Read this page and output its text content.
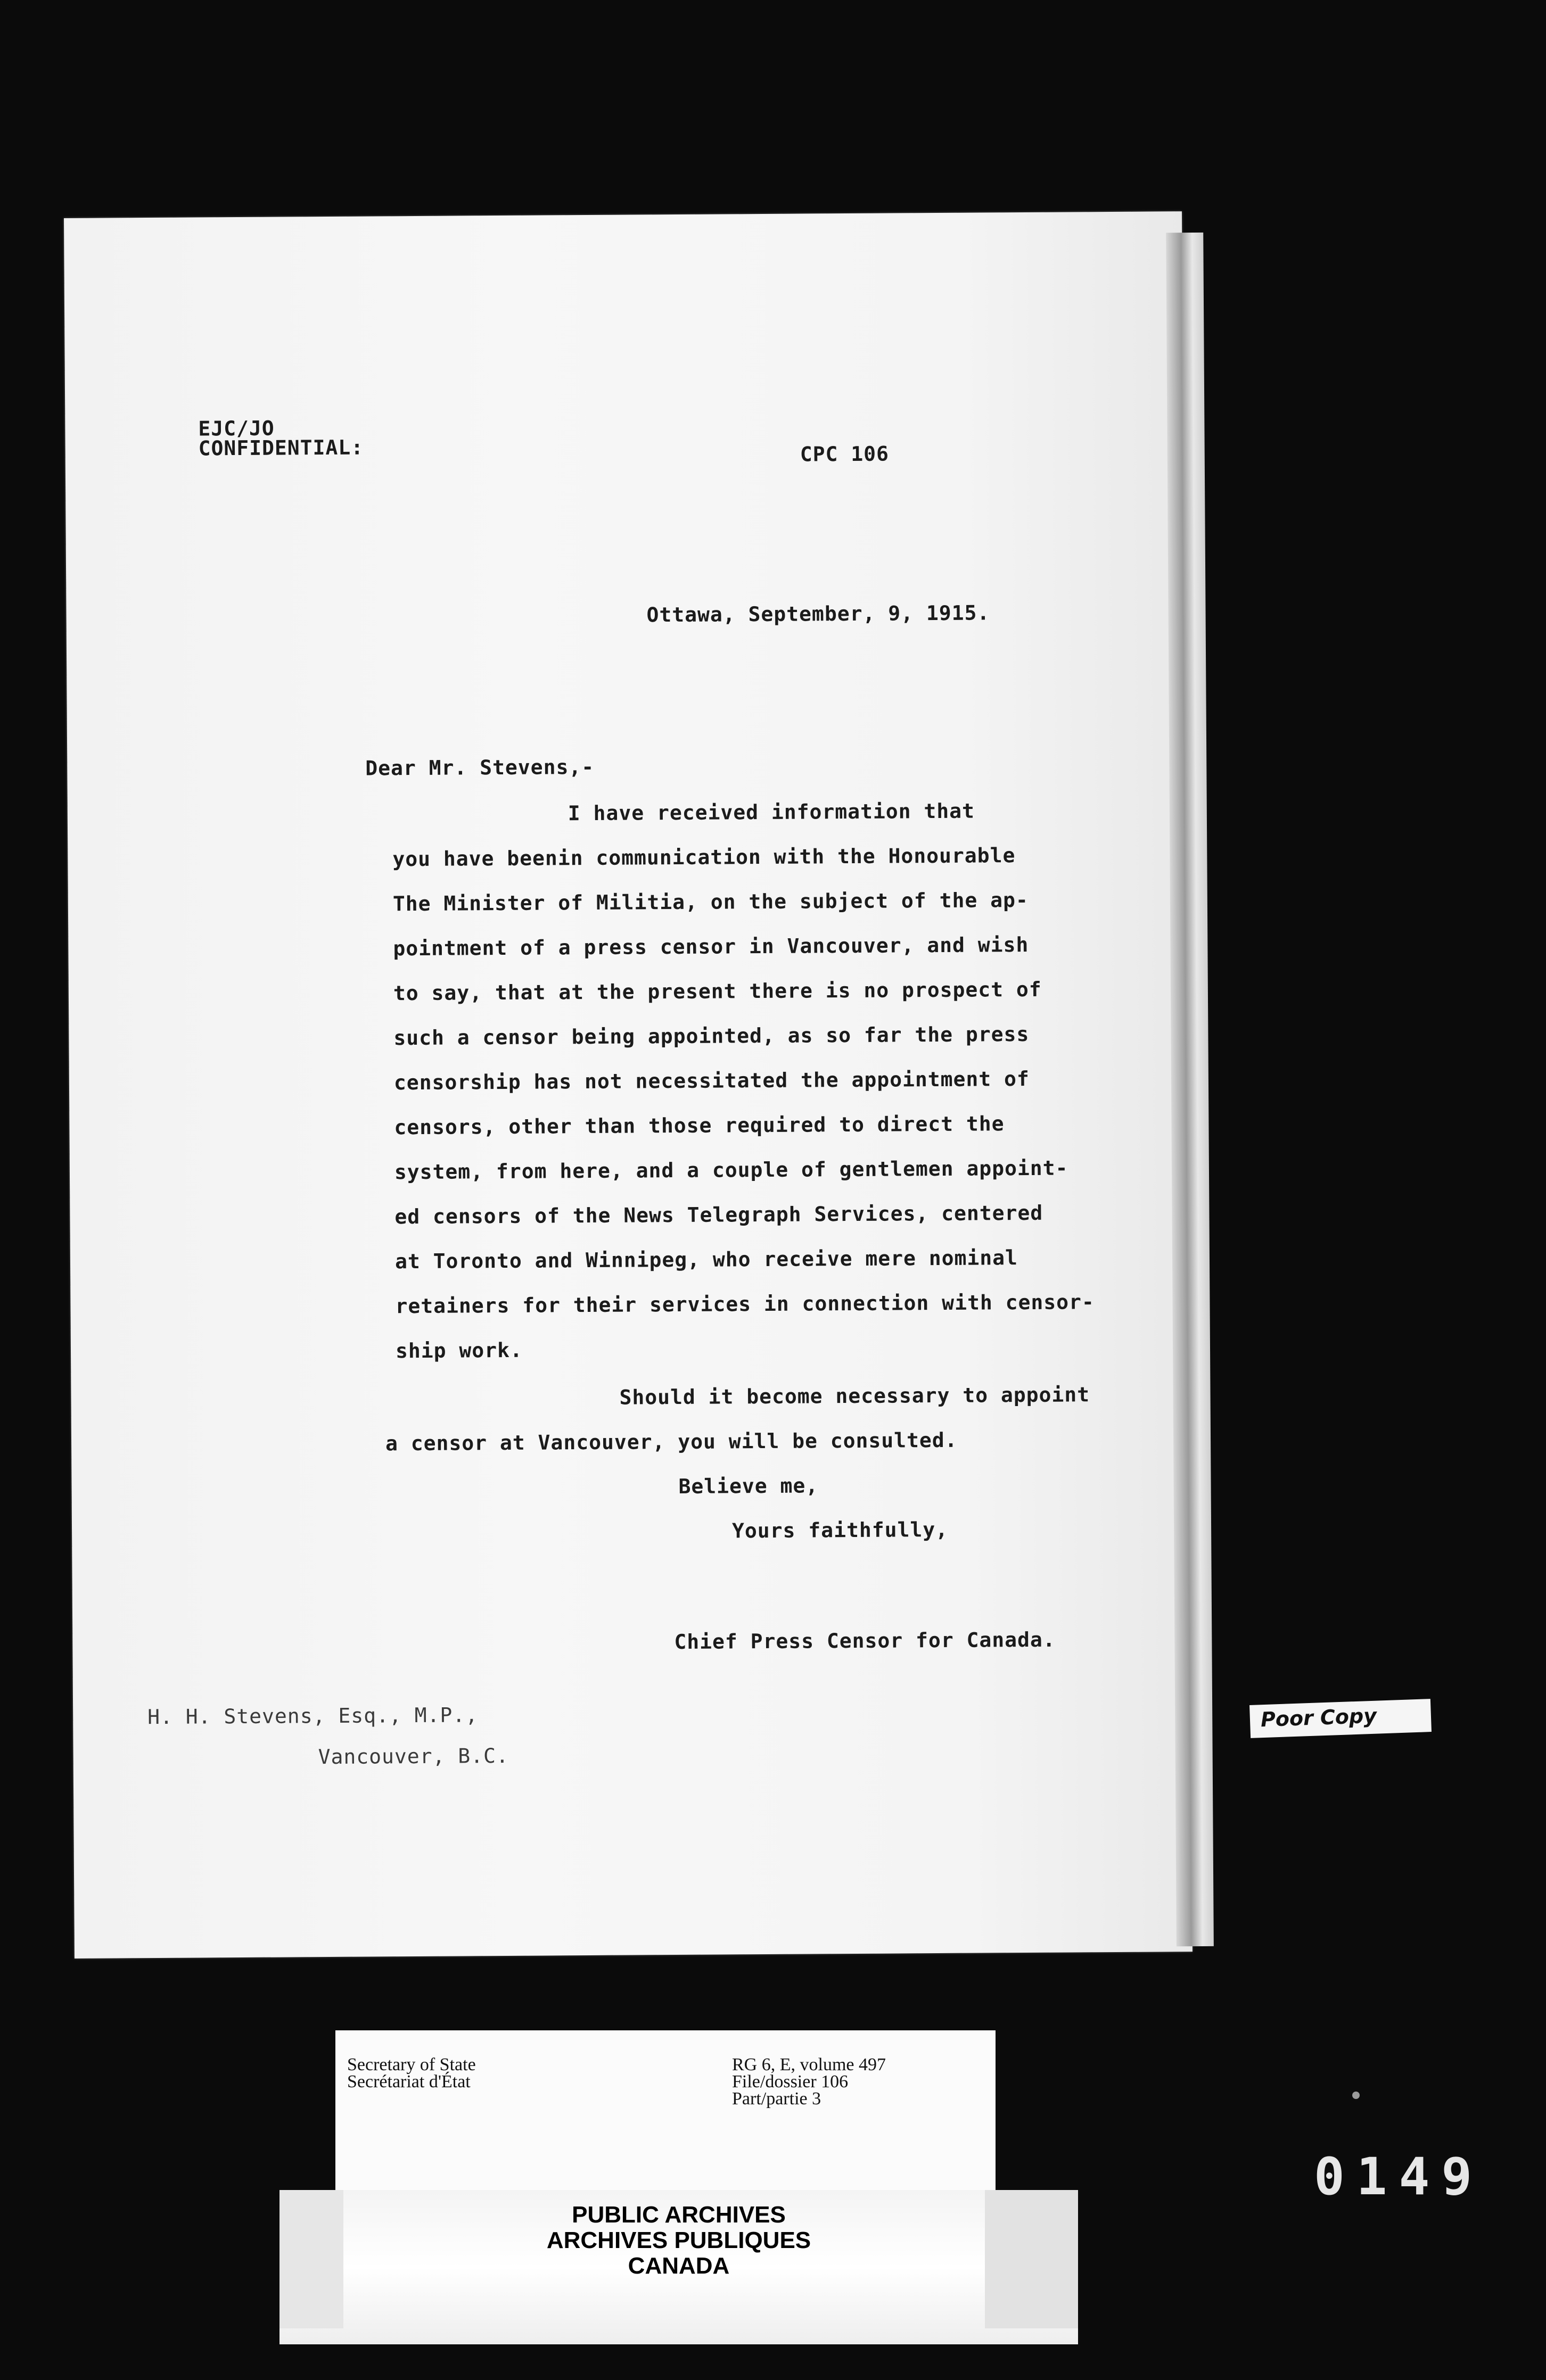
EJC/JO
CONFIDENTIAL:	CPC 106
Ottawa, September, 9, 1915.
Dear Mr. Stevens,-
I have received information that
you have beenin communication with the Honourable
The Minister of Militia, on the subject of the ap-
pointment of a press censor in Vancouver, and wish
to say, that at the present there is no prospect of
such a censor being appointed, as so far the press
censorship has not necessitated the appointment of
censors, other than those required to direct the
system, from here, and a couple of gentlemen appoint-
ed censors of the News Telegraph Services, centered
at Toronto and Winnipeg, who receive mere nominal
retainers for their services in connection with censor-
ship work.
Should it become necessary to appoint
a censor at Vancouver, you will be consulted.
Believe me,
Yours faithfully,
Chief Press Censor for Canada.
H. H. Stevens, Esq., M.P.,
Vancouver, B.C.
Poor Copy
0149
Secretary of State
Secrétariat d'État
RG 6, E, volume 497
File/dossier 106
Part/partie 3
PUBLIC ARCHIVES
ARCHIVES PUBLIQUES
CANADA
